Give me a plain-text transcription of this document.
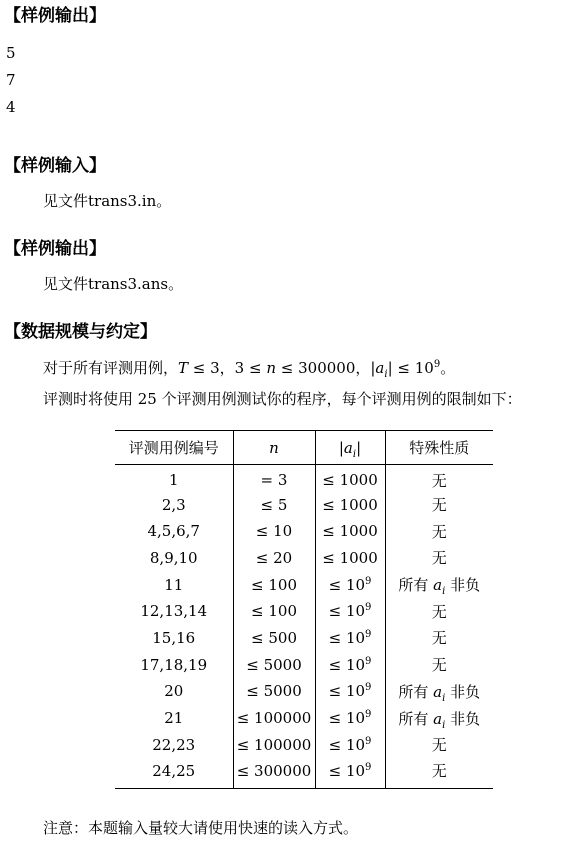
【样例输出】
5
7
4
【样例输入】
见文件trans3.in。
【样例输出】
见文件trans3.ans。
【数据规模与约定】
对于所有评测用例，T ≤ 3，3 ≤ n ≤ 300000，$|a_i| \le 10^9$。
评测时将使用 25 个评测用例测试你的程序，每个评测用例的限制如下：
评测用例编号	n	$|a_i|$	特殊性质
1	= 3	≤ 1000	无
2,3	≤ 5	≤ 1000	无
4,5,6,7	≤ 10	≤ 1000	无
8,9,10	≤ 20	≤ 1000	无
11	≤ 100	≤ $10^9$	所有 $a_i$ 非负
12,13,14	≤ 100	≤ $10^9$	无
15,16	≤ 500	≤ $10^9$	无
17,18,19	≤ 5000	≤ $10^9$	无
20	≤ 5000	≤ $10^9$	所有 $a_i$ 非负
21	≤ 100000	≤ $10^9$	所有 $a_i$ 非负
22,23	≤ 100000	≤ $10^9$	无
24,25	≤ 300000	≤ $10^9$	无
注意：本题输入量较大请使用快速的读入方式。
